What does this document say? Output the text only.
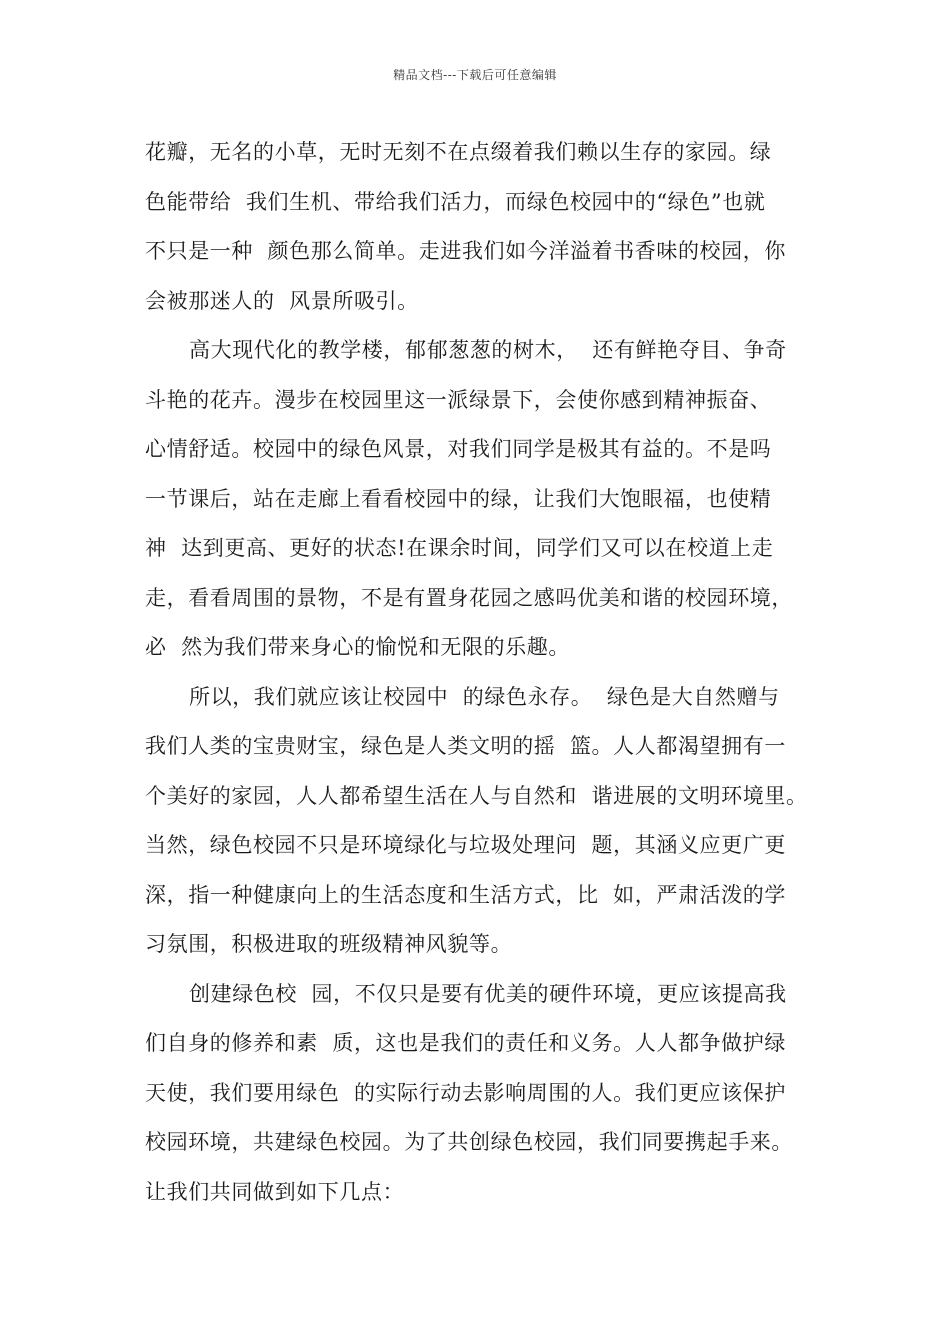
精品文档---下载后可任意编辑
花瓣，无名的小草，无时无刻不在点缀着我们赖以生存的家园。绿
色能带给  我们生机、带给我们活力，而绿色校园中的“绿色”也就
不只是一种  颜色那么简单。走进我们如今洋溢着书香味的校园，你
会被那迷人的  风景所吸引。
高大现代化的教学楼，郁郁葱葱的树木，  还有鲜艳夺目、争奇
斗艳的花卉。漫步在校园里这一派绿景下，会使你感到精神振奋、
心情舒适。校园中的绿色风景，对我们同学是极其有益的。不是吗
一节课后，站在走廊上看看校园中的绿，让我们大饱眼福，也使精
神  达到更高、更好的状态!在课余时间，同学们又可以在校道上走
走，看看周围的景物，不是有置身花园之感吗优美和谐的校园环境，
必  然为我们带来身心的愉悦和无限的乐趣。
所以，我们就应该让校园中  的绿色永存。  绿色是大自然赠与
我们人类的宝贵财宝，绿色是人类文明的摇  篮。人人都渴望拥有一
个美好的家园，人人都希望生活在人与自然和  谐进展的文明环境里。
当然，绿色校园不只是环境绿化与垃圾处理问  题，其涵义应更广更
深，指一种健康向上的生活态度和生活方式，比  如，严肃活泼的学
习氛围，积极进取的班级精神风貌等。
创建绿色校  园，不仅只是要有优美的硬件环境，更应该提高我
们自身的修养和素  质，这也是我们的责任和义务。人人都争做护绿
天使，我们要用绿色  的实际行动去影响周围的人。我们更应该保护
校园环境，共建绿色校园。为了共创绿色校园，我们同要携起手来。
让我们共同做到如下几点：
